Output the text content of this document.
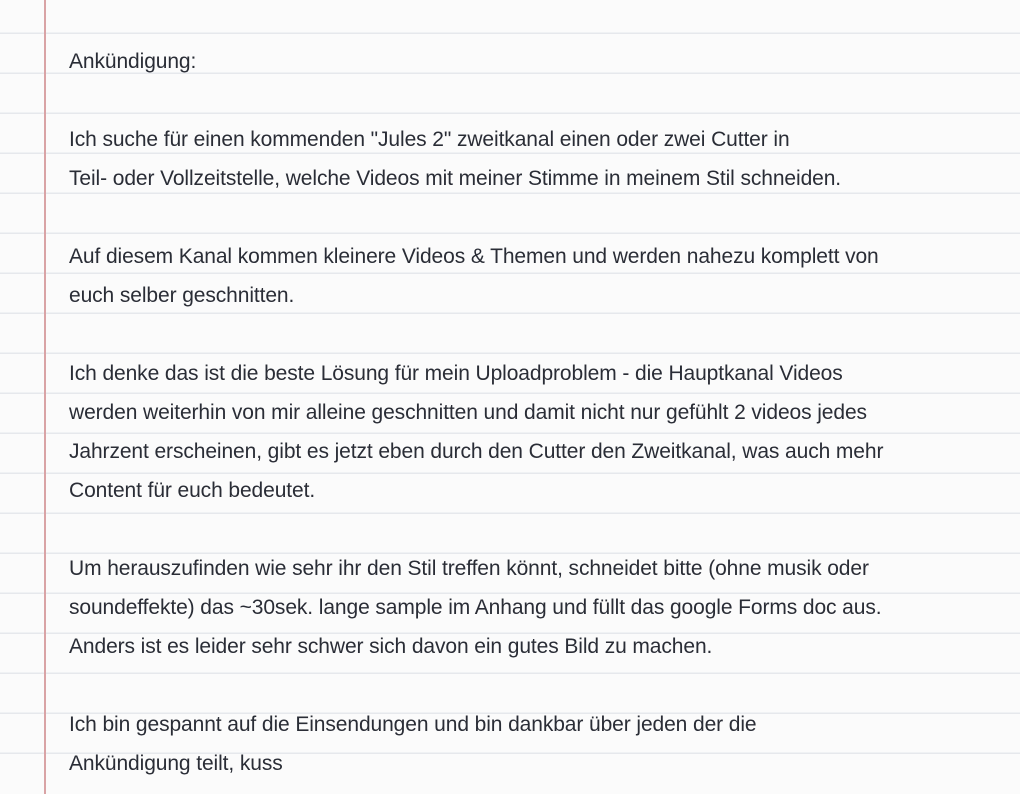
Ankündigung:

Ich suche für einen kommenden "Jules 2" zweitkanal einen oder zwei Cutter in
Teil- oder Vollzeitstelle, welche Videos mit meiner Stimme in meinem Stil schneiden.

Auf diesem Kanal kommen kleinere Videos & Themen und werden nahezu komplett von
euch selber geschnitten.

Ich denke das ist die beste Lösung für mein Uploadproblem - die Hauptkanal Videos
werden weiterhin von mir alleine geschnitten und damit nicht nur gefühlt 2 videos jedes
Jahrzent erscheinen, gibt es jetzt eben durch den Cutter den Zweitkanal, was auch mehr
Content für euch bedeutet.

Um herauszufinden wie sehr ihr den Stil treffen könnt, schneidet bitte (ohne musik oder
soundeffekte) das ~30sek. lange sample im Anhang und füllt das google Forms doc aus.
Anders ist es leider sehr schwer sich davon ein gutes Bild zu machen.

Ich bin gespannt auf die Einsendungen und bin dankbar über jeden der die
Ankündigung teilt, kuss
